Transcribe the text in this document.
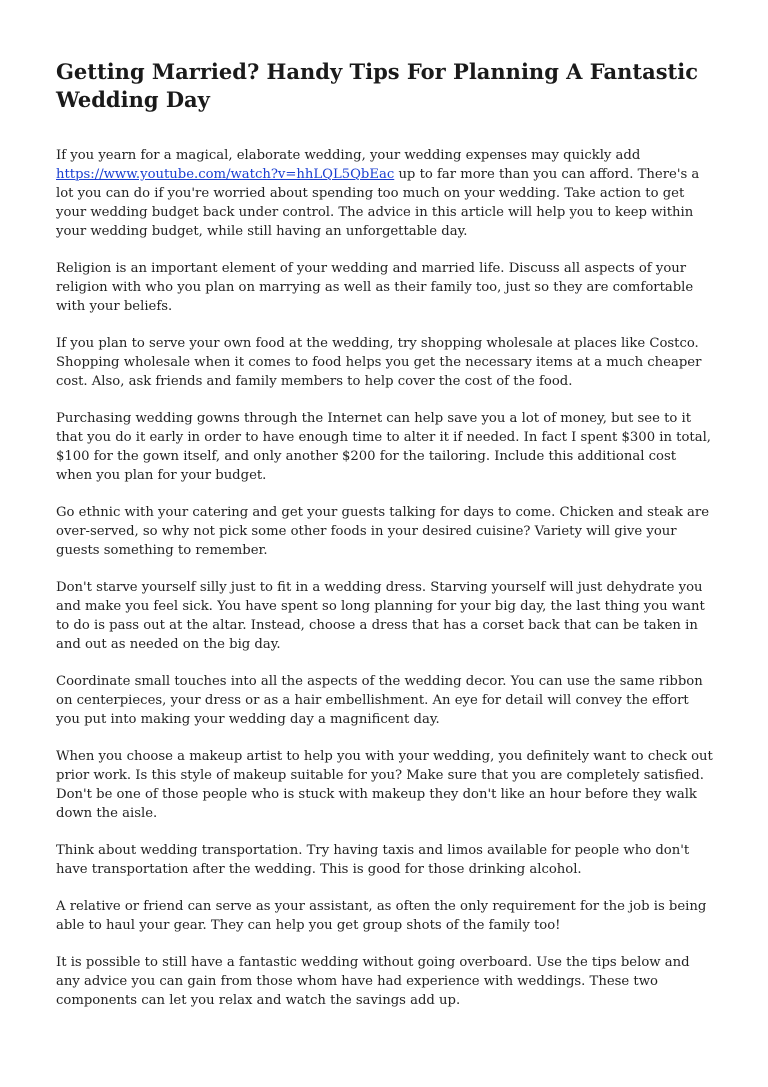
Getting Married? Handy Tips For Planning A Fantastic Wedding Day

If you yearn for a magical, elaborate wedding, your wedding expenses may quickly add https://www.youtube.com/watch?v=hhLQL5QbEac up to far more than you can afford. There's a lot you can do if you're worried about spending too much on your wedding. Take action to get your wedding budget back under control. The advice in this article will help you to keep within your wedding budget, while still having an unforgettable day.

Religion is an important element of your wedding and married life. Discuss all aspects of your religion with who you plan on marrying as well as their family too, just so they are comfortable with your beliefs.

If you plan to serve your own food at the wedding, try shopping wholesale at places like Costco. Shopping wholesale when it comes to food helps you get the necessary items at a much cheaper cost. Also, ask friends and family members to help cover the cost of the food.

Purchasing wedding gowns through the Internet can help save you a lot of money, but see to it that you do it early in order to have enough time to alter it if needed. In fact I spent $300 in total, $100 for the gown itself, and only another $200 for the tailoring. Include this additional cost when you plan for your budget.

Go ethnic with your catering and get your guests talking for days to come. Chicken and steak are over-served, so why not pick some other foods in your desired cuisine? Variety will give your guests something to remember.

Don't starve yourself silly just to fit in a wedding dress. Starving yourself will just dehydrate you and make you feel sick. You have spent so long planning for your big day, the last thing you want to do is pass out at the altar. Instead, choose a dress that has a corset back that can be taken in and out as needed on the big day.

Coordinate small touches into all the aspects of the wedding decor. You can use the same ribbon on centerpieces, your dress or as a hair embellishment. An eye for detail will convey the effort you put into making your wedding day a magnificent day.

When you choose a makeup artist to help you with your wedding, you definitely want to check out prior work. Is this style of makeup suitable for you? Make sure that you are completely satisfied. Don't be one of those people who is stuck with makeup they don't like an hour before they walk down the aisle.

Think about wedding transportation. Try having taxis and limos available for people who don't have transportation after the wedding. This is good for those drinking alcohol.

A relative or friend can serve as your assistant, as often the only requirement for the job is being able to haul your gear. They can help you get group shots of the family too!

It is possible to still have a fantastic wedding without going overboard. Use the tips below and any advice you can gain from those whom have had experience with weddings. These two components can let you relax and watch the savings add up.
